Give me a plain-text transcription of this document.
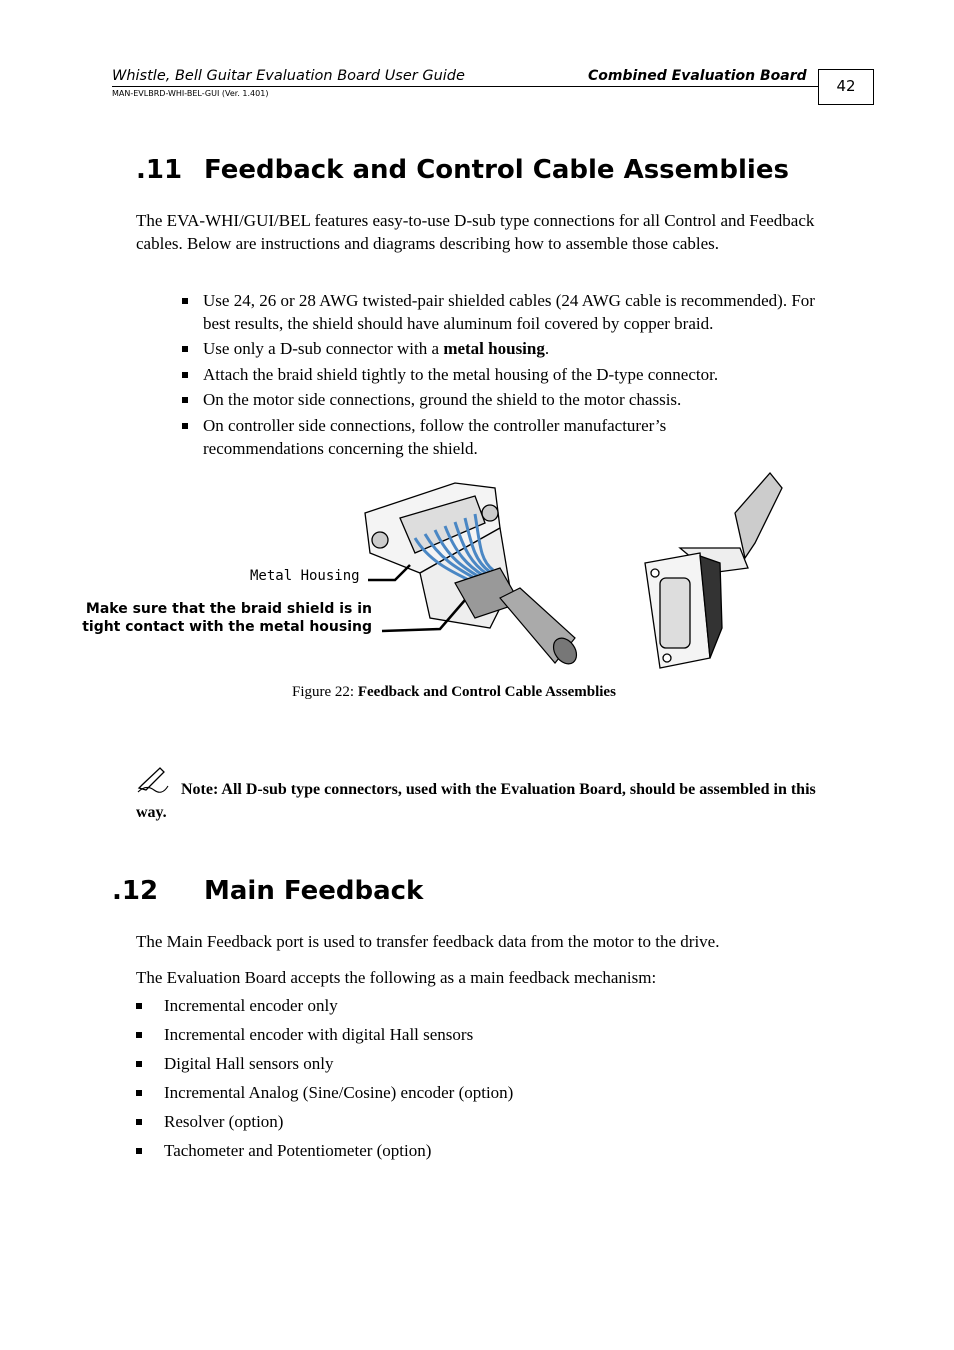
Whistle, Bell Guitar Evaluation Board User Guide	Combined Evaluation Board
MAN-EVLBRD-WHI-BEL-GUI (Ver. 1.401)	42
.11 Feedback and Control Cable Assemblies
The EVA-WHI/GUI/BEL features easy-to-use D-sub type connections for all Control and Feedback cables. Below are instructions and diagrams describing how to assemble those cables.
Use 24, 26 or 28 AWG twisted-pair shielded cables (24 AWG cable is recommended). For best results, the shield should have aluminum foil covered by copper braid.
Use only a D-sub connector with a metal housing.
Attach the braid shield tightly to the metal housing of the D-type connector.
On the motor side connections, ground the shield to the motor chassis.
On controller side connections, follow the controller manufacturer’s recommendations concerning the shield.
Metal Housing
Make sure that the braid shield is in tight contact with the metal housing
Figure 22: Feedback and Control Cable Assemblies
Note: All D-sub type connectors, used with the Evaluation Board, should be assembled in this way.
.12 Main Feedback
The Main Feedback port is used to transfer feedback data from the motor to the drive.
The Evaluation Board accepts the following as a main feedback mechanism:
Incremental encoder only
Incremental encoder with digital Hall sensors
Digital Hall sensors only
Incremental Analog (Sine/Cosine) encoder (option)
Resolver (option)
Tachometer and Potentiometer (option)
